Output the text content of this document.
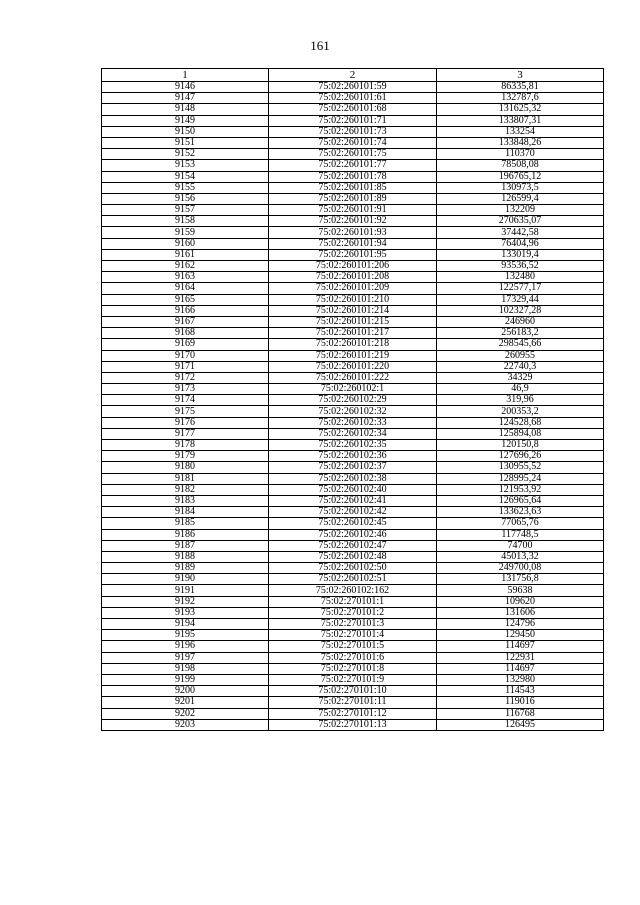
161
1	2	3
9146	75:02:260101:59	86335,81
9147	75:02:260101:61	132787,6
9148	75:02:260101:68	131625,32
9149	75:02:260101:71	133807,31
9150	75:02:260101:73	133254
9151	75:02:260101:74	133848,26
9152	75:02:260101:75	110370
9153	75:02:260101:77	78508,08
9154	75:02:260101:78	196765,12
9155	75:02:260101:85	130973,5
9156	75:02:260101:89	126599,4
9157	75:02:260101:91	132209
9158	75:02:260101:92	270635,07
9159	75:02:260101:93	37442,58
9160	75:02:260101:94	76404,96
9161	75:02:260101:95	133019,4
9162	75:02:260101:206	93536,52
9163	75:02:260101:208	132480
9164	75:02:260101:209	122577,17
9165	75:02:260101:210	17329,44
9166	75:02:260101:214	102327,28
9167	75:02:260101:215	246960
9168	75:02:260101:217	256183,2
9169	75:02:260101:218	298545,66
9170	75:02:260101:219	260955
9171	75:02:260101:220	22740,3
9172	75:02:260101:222	34329
9173	75:02:260102:1	46,9
9174	75:02:260102:29	319,96
9175	75:02:260102:32	200353,2
9176	75:02:260102:33	124528,68
9177	75:02:260102:34	125894,08
9178	75:02:260102:35	120150,8
9179	75:02:260102:36	127696,26
9180	75:02:260102:37	130955,52
9181	75:02:260102:38	128995,24
9182	75:02:260102:40	121953,92
9183	75:02:260102:41	126965,64
9184	75:02:260102:42	133623,63
9185	75:02:260102:45	77065,76
9186	75:02:260102:46	117748,5
9187	75:02:260102:47	74700
9188	75:02:260102:48	45013,32
9189	75:02:260102:50	249700,08
9190	75:02:260102:51	131756,8
9191	75:02:260102:162	59638
9192	75:02:270101:1	109620
9193	75:02:270101:2	131606
9194	75:02:270101:3	124796
9195	75:02:270101:4	129450
9196	75:02:270101:5	114697
9197	75:02:270101:6	122931
9198	75:02:270101:8	114697
9199	75:02:270101:9	132980
9200	75:02:270101:10	114543
9201	75:02:270101:11	119016
9202	75:02:270101:12	116768
9203	75:02:270101:13	126495
